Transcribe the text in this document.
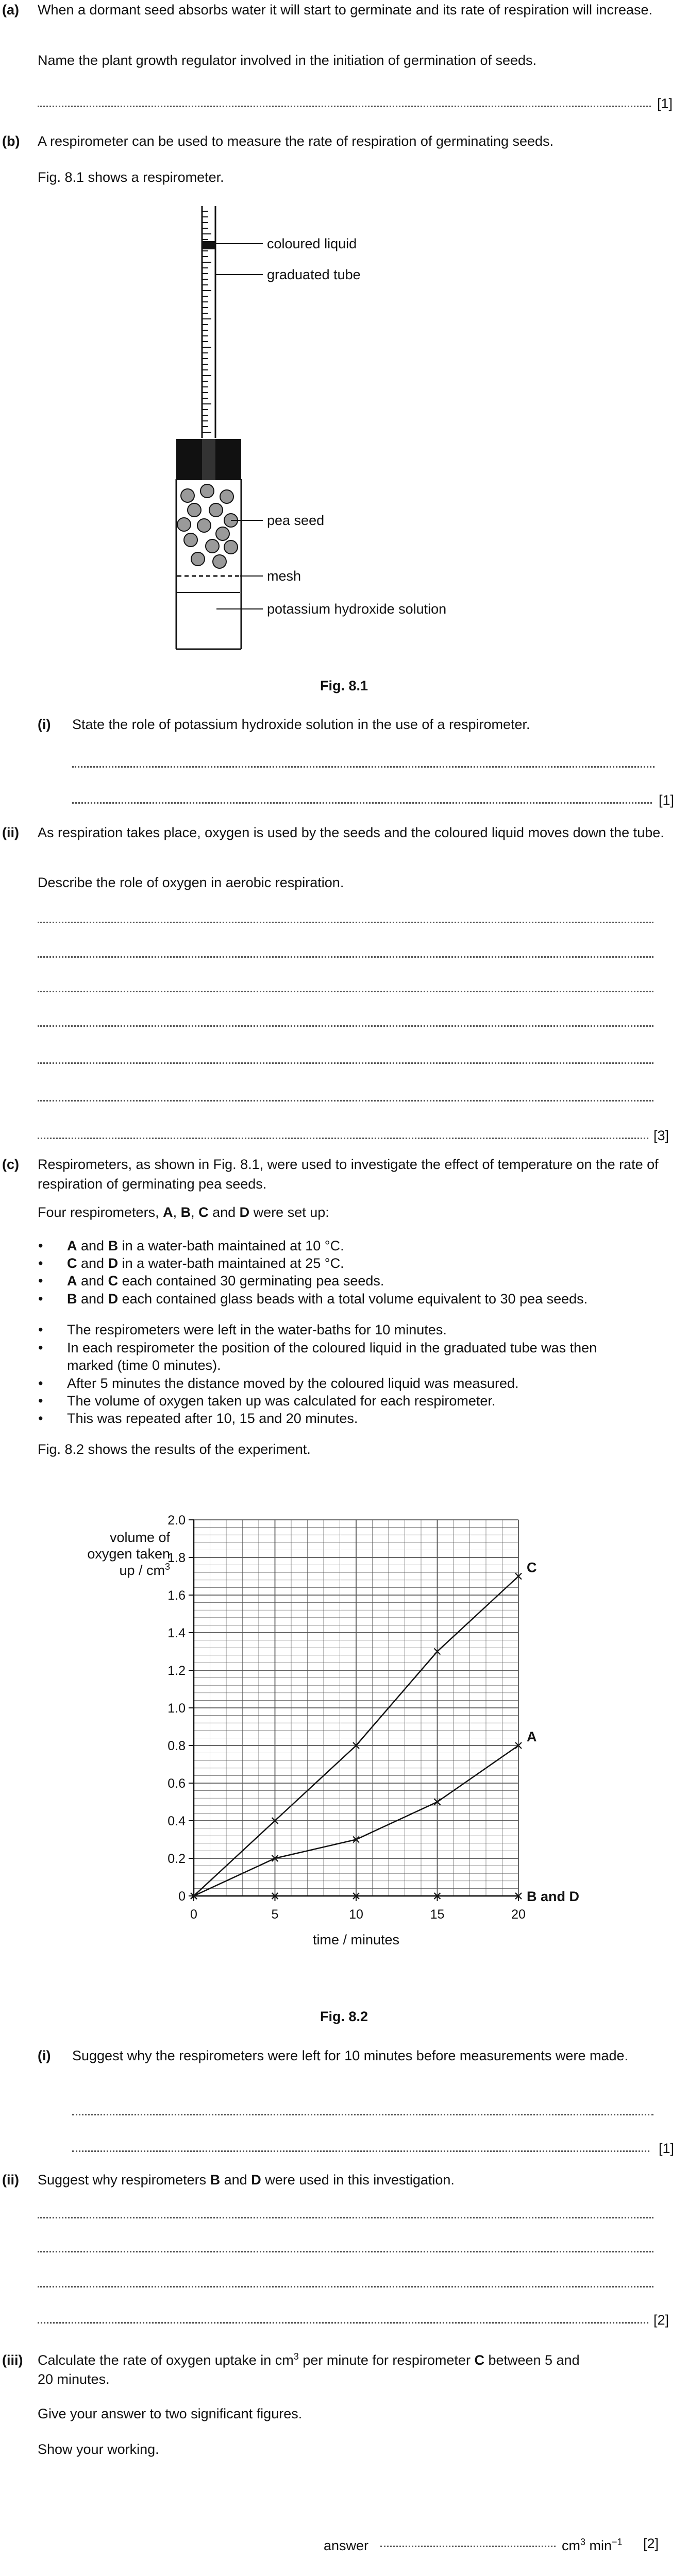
(a) When a dormant seed absorbs water it will start to germinate and its rate of respiration will increase.
Name the plant growth regulator involved in the initiation of germination of seeds.
[1]
(b) A respirometer can be used to measure the rate of respiration of germinating seeds.
Fig. 8.1 shows a respirometer.
coloured liquid
graduated tube
pea seed
mesh
potassium hydroxide solution
Fig. 8.1
(i) State the role of potassium hydroxide solution in the use of a respirometer.
[1]
(ii) As respiration takes place, oxygen is used by the seeds and the coloured liquid moves down the tube.
Describe the role of oxygen in aerobic respiration.
[3]
(c) Respirometers, as shown in Fig. 8.1, were used to investigate the effect of temperature on the rate of respiration of germinating pea seeds.
Four respirometers, A, B, C and D were set up:
• A and B in a water-bath maintained at 10 °C.
• C and D in a water-bath maintained at 25 °C.
• A and C each contained 30 germinating pea seeds.
• B and D each contained glass beads with a total volume equivalent to 30 pea seeds.
• The respirometers were left in the water-baths for 10 minutes.
• In each respirometer the position of the coloured liquid in the graduated tube was then
marked (time 0 minutes).
• After 5 minutes the distance moved by the coloured liquid was measured.
• The volume of oxygen taken up was calculated for each respirometer.
• This was repeated after 10, 15 and 20 minutes.
Fig. 8.2 shows the results of the experiment.
volume of
oxygen taken
up / $cm^3$
0
0.2
0.4
0.6
0.8
1.0
1.2
1.4
1.6
1.8
2.0
0	5	10	15	20
time / minutes
C
A
B and D
Fig. 8.2
(i) Suggest why the respirometers were left for 10 minutes before measurements were made.
[1]
(ii) Suggest why respirometers B and D were used in this investigation.
[2]
(iii) Calculate the rate of oxygen uptake in $cm^3$ per minute for respirometer C between 5 and
20 minutes.
Give your answer to two significant figures.
Show your working.
answer	$cm^3$ $\min^{-1} [2]$
